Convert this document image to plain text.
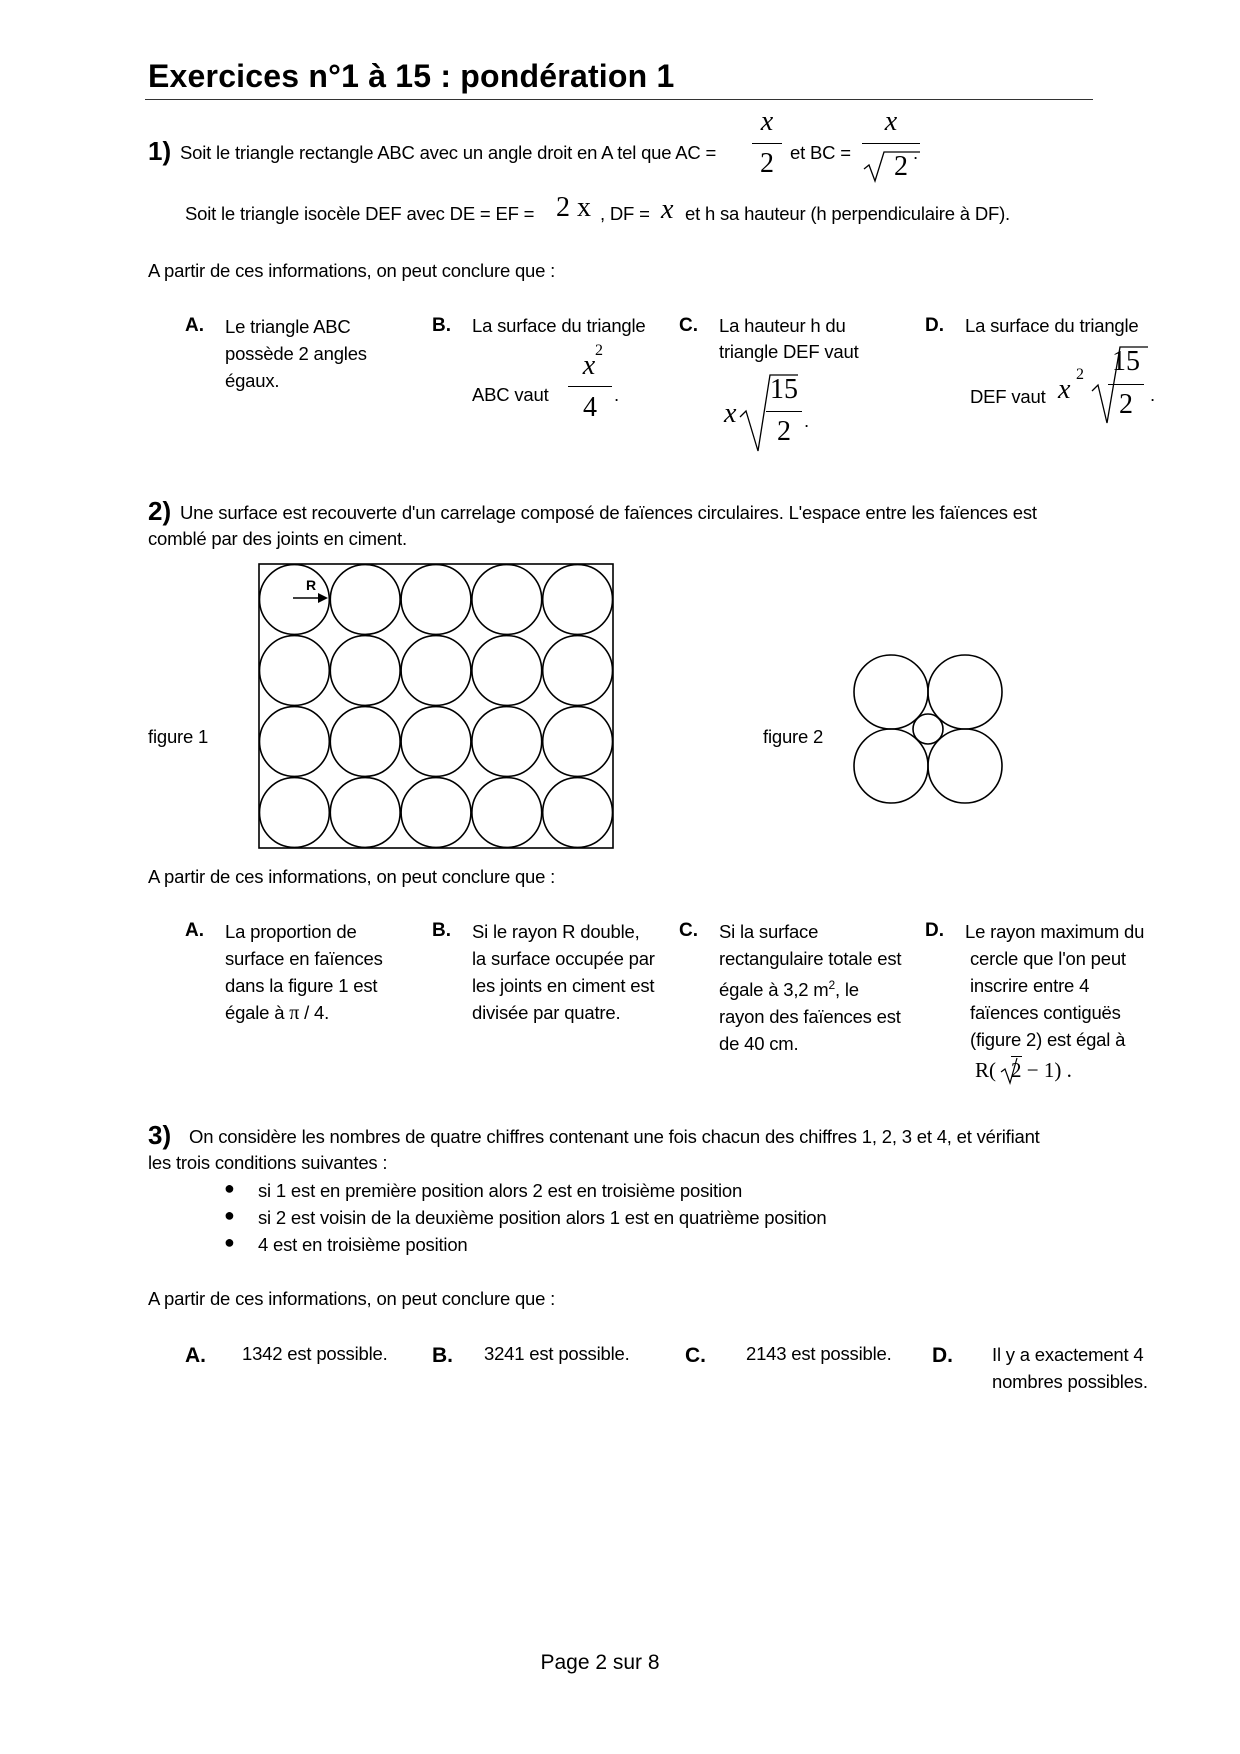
Exercices n°1 à 15 : pondération 1
1) Soit le triangle rectangle ABC avec un angle droit en A tel que AC =
x
2 et BC =
x
2 .
Soit le triangle isocèle DEF avec DE = EF = 2 x , DF = x et h sa hauteur (h perpendiculaire à DF).
A partir de ces informations, on peut conclure que :
A. Le triangle ABC
possède 2 angles
égaux.
B. La surface du triangle
ABC vaut
x 2
4 .
C. La hauteur h du
triangle DEF vaut
x
15
2 .
D. La surface du triangle
DEF vaut x 2 15
2 .
2) Une surface est recouverte d'un carrelage composé de faïences circulaires. L'espace entre les faïences est
comblé par des joints en ciment.
figure 1	figure 2
R
A partir de ces informations, on peut conclure que :
A. La proportion de
surface en faïences
dans la figure 1 est
égale à π / 4.
B. Si le rayon R double,
la surface occupée par
les joints en ciment est
divisée par quatre.
C. Si la surface
rectangulaire totale est
égale à 3,2 $m^2$, le
rayon des faïences est
de 40 cm.
D. Le rayon maximum du
cercle que l'on peut
inscrire entre 4
faïences contiguës
(figure 2) est égal à
R( 2 − 1) .
3) On considère les nombres de quatre chiffres contenant une fois chacun des chiffres 1, 2, 3 et 4, et vérifiant
les trois conditions suivantes :
● si 1 est en première position alors 2 est en troisième position
● si 2 est voisin de la deuxième position alors 1 est en quatrième position
● 4 est en troisième position
A partir de ces informations, on peut conclure que :
A. 1342 est possible. B. 3241 est possible.	C. 2143 est possible. D. Il y a exactement 4
nombres possibles.
Page 2 sur 8
